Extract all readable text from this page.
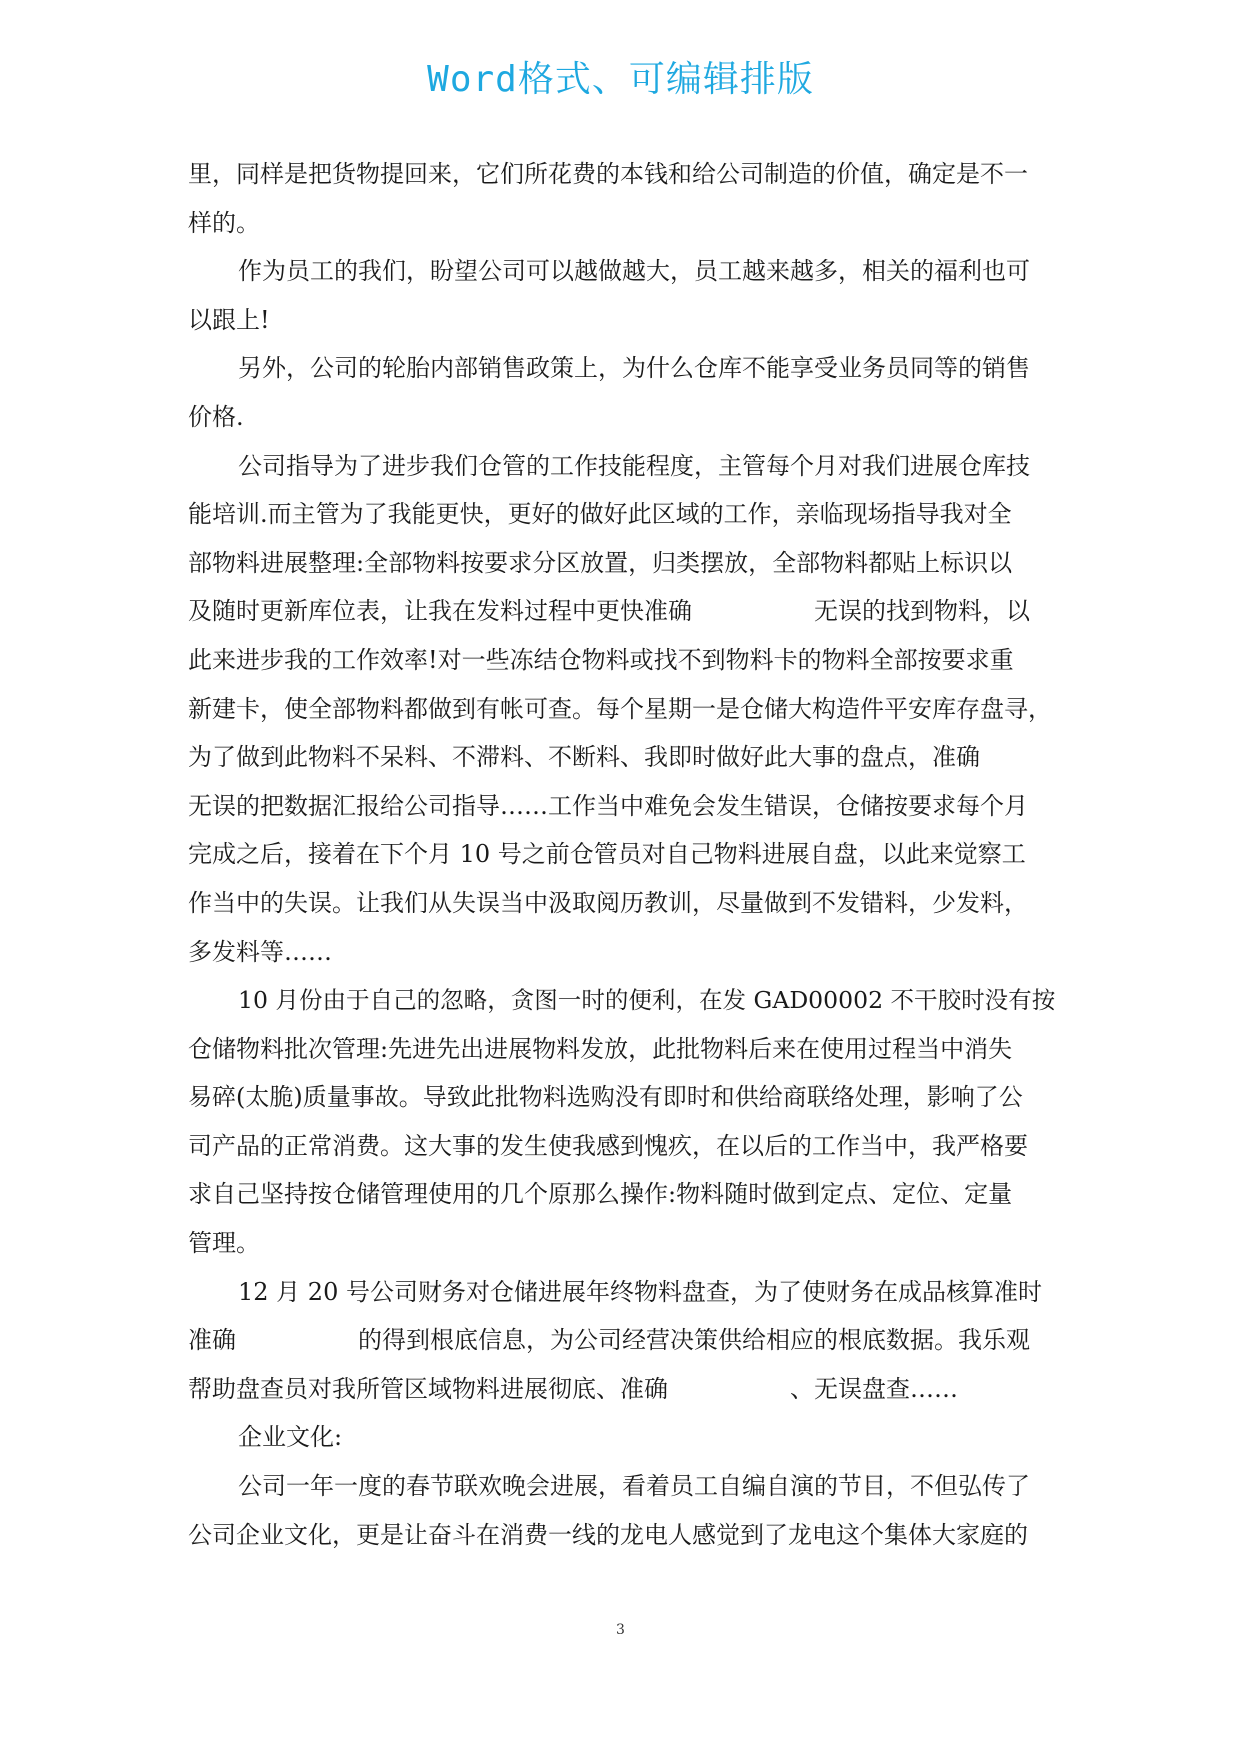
Word格式、可编辑排版
里，同样是把货物提回来，它们所花费的本钱和给公司制造的价值，确定是不一
样的。
作为员工的我们，盼望公司可以越做越大，员工越来越多，相关的福利也可
以跟上!
另外，公司的轮胎内部销售政策上，为什么仓库不能享受业务员同等的销售
价格.
公司指导为了进步我们仓管的工作技能程度，主管每个月对我们进展仓库技
能培训.而主管为了我能更快，更好的做好此区域的工作，亲临现场指导我对全
部物料进展整理:全部物料按要求分区放置，归类摆放，全部物料都贴上标识以
及随时更新库位表，让我在发料过程中更快准确                无误的找到物料，以
此来进步我的工作效率!对一些冻结仓物料或找不到物料卡的物料全部按要求重
新建卡，使全部物料都做到有帐可查。每个星期一是仓储大构造件平安库存盘寻，
为了做到此物料不呆料、不滞料、不断料、我即时做好此大事的盘点，准确
无误的把数据汇报给公司指导……工作当中难免会发生错误，仓储按要求每个月
完成之后，接着在下个月 10 号之前仓管员对自己物料进展自盘，以此来觉察工
作当中的失误。让我们从失误当中汲取阅历教训，尽量做到不发错料，少发料，
多发料等……
10 月份由于自己的忽略，贪图一时的便利，在发 GAD00002 不干胶时没有按
仓储物料批次管理:先进先出进展物料发放，此批物料后来在使用过程当中消失
易碎(太脆)质量事故。导致此批物料选购没有即时和供给商联络处理，影响了公
司产品的正常消费。这大事的发生使我感到愧疚，在以后的工作当中，我严格要
求自己坚持按仓储管理使用的几个原那么操作:物料随时做到定点、定位、定量
管理。
12 月 20 号公司财务对仓储进展年终物料盘查，为了使财务在成品核算准时
准确                的得到根底信息，为公司经营决策供给相应的根底数据。我乐观
帮助盘查员对我所管区域物料进展彻底、准确                、无误盘查……
企业文化:
公司一年一度的春节联欢晚会进展，看着员工自编自演的节目，不但弘传了
公司企业文化，更是让奋斗在消费一线的龙电人感觉到了龙电这个集体大家庭的
3
